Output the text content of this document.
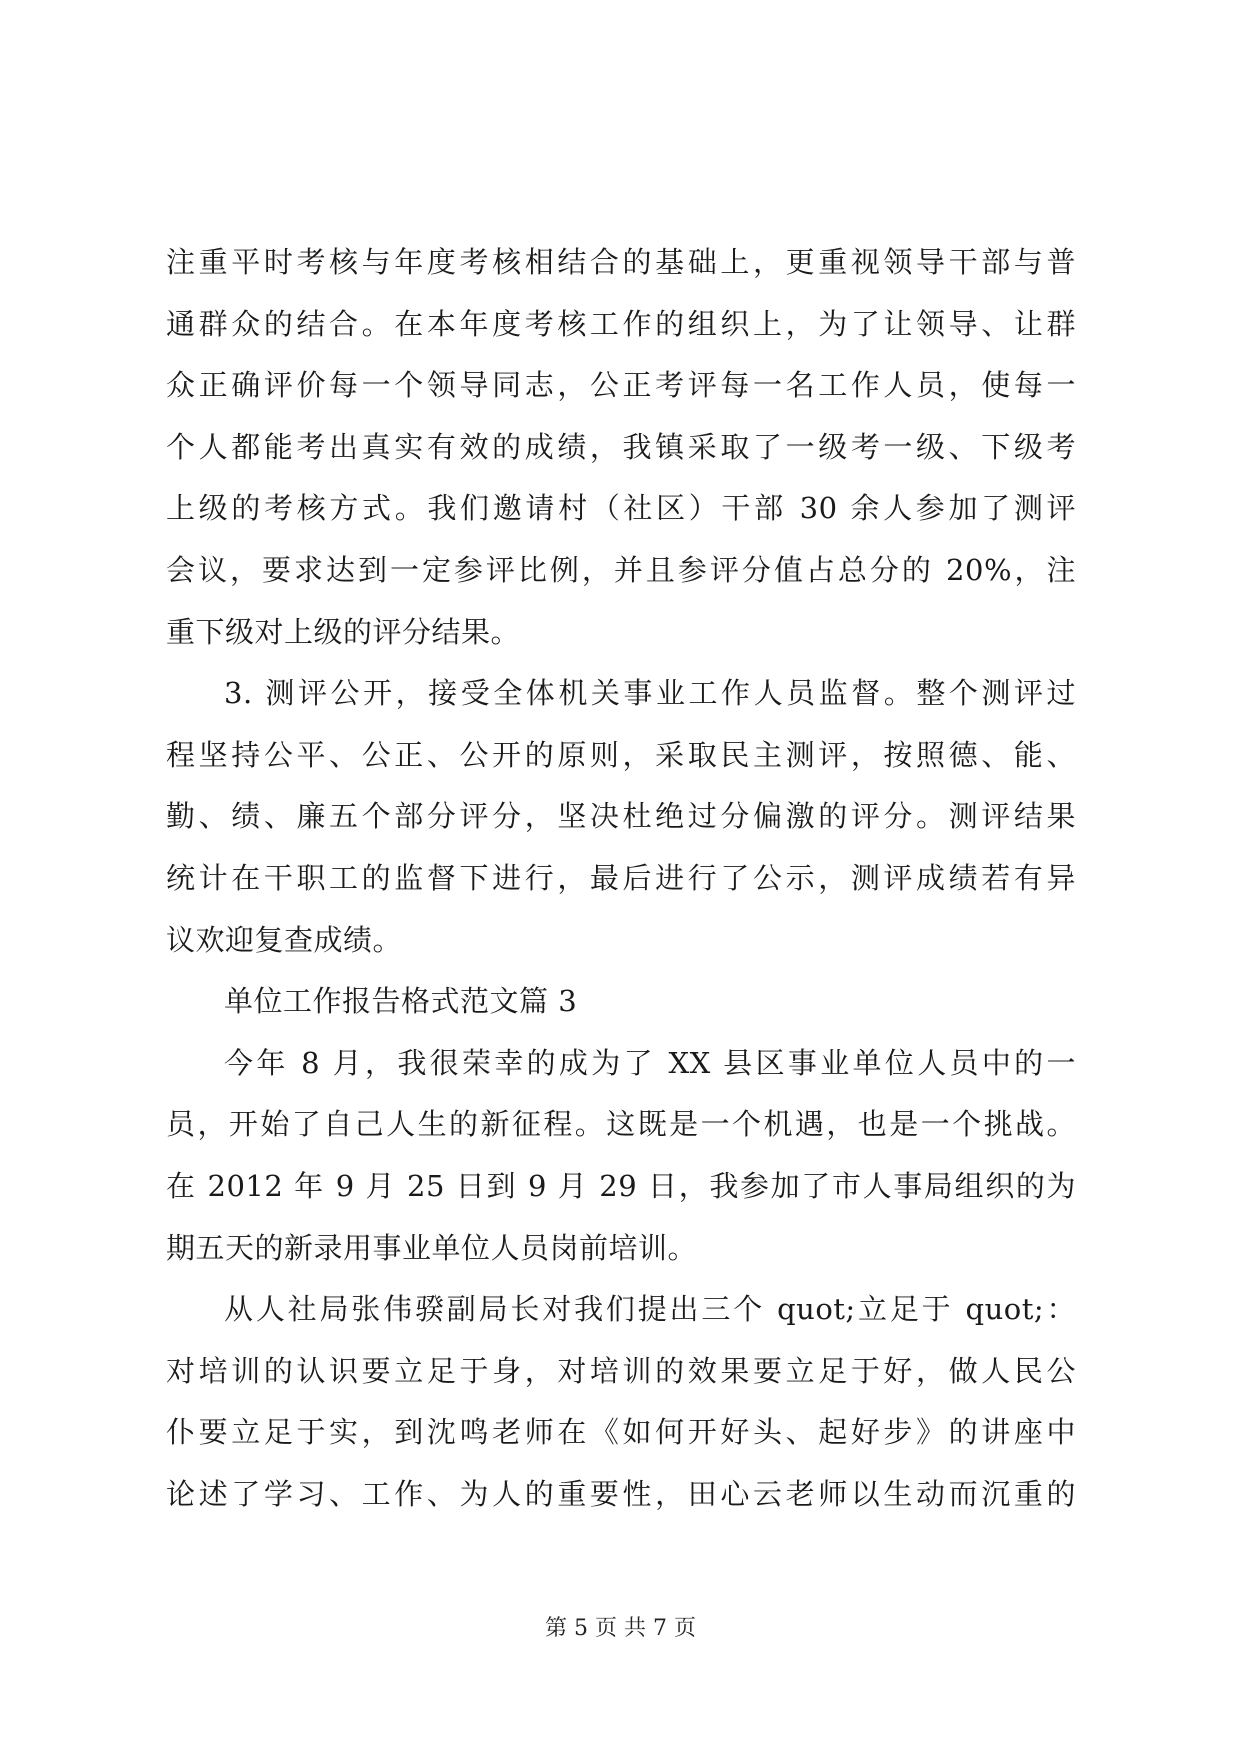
注重平时考核与年度考核相结合的基础上，更重视领导干部与普
通群众的结合。在本年度考核工作的组织上，为了让领导、让群
众正确评价每一个领导同志，公正考评每一名工作人员，使每一
个人都能考出真实有效的成绩，我镇采取了一级考一级、下级考
上级的考核方式。我们邀请村（社区）干部 30 余人参加了测评
会议，要求达到一定参评比例，并且参评分值占总分的 20%，注
重下级对上级的评分结果。
3. 测评公开，接受全体机关事业工作人员监督。整个测评过
程坚持公平、公正、公开的原则，采取民主测评，按照德、能、
勤、绩、廉五个部分评分，坚决杜绝过分偏激的评分。测评结果
统计在干职工的监督下进行，最后进行了公示，测评成绩若有异
议欢迎复查成绩。
单位工作报告格式范文篇 3
今年 8 月，我很荣幸的成为了 XX 县区事业单位人员中的一
员，开始了自己人生的新征程。这既是一个机遇，也是一个挑战。
在 2012 年 9 月 25 日到 9 月 29 日，我参加了市人事局组织的为
期五天的新录用事业单位人员岗前培训。
从人社局张伟骙副局长对我们提出三个 quot;立足于 quot;：
对培训的认识要立足于身，对培训的效果要立足于好，做人民公
仆要立足于实，到沈鸣老师在《如何开好头、起好步》的讲座中
论述了学习、工作、为人的重要性，田心云老师以生动而沉重的
第 5 页 共 7 页
